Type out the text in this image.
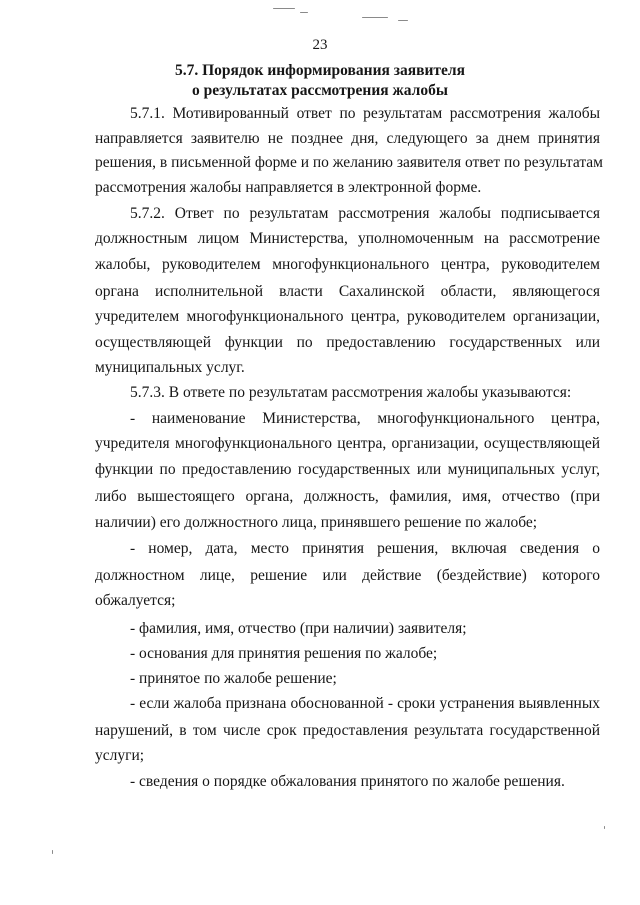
23
5.7. Порядок информирования заявителя
о результатах рассмотрения жалобы
5.7.1. Мотивированный ответ по результатам рассмотрения жалобы
направляется заявителю не позднее дня, следующего за днем принятия
решения, в письменной форме и по желанию заявителя ответ по результатам
рассмотрения жалобы направляется в электронной форме.
5.7.2. Ответ по результатам рассмотрения жалобы подписывается
должностным лицом Министерства, уполномоченным на рассмотрение
жалобы, руководителем многофункционального центра, руководителем
органа исполнительной власти Сахалинской области, являющегося
учредителем многофункционального центра, руководителем организации,
осуществляющей функции по предоставлению государственных или
муниципальных услуг.
5.7.3. В ответе по результатам рассмотрения жалобы указываются:
- наименование Министерства, многофункционального центра,
учредителя многофункционального центра, организации, осуществляющей
функции по предоставлению государственных или муниципальных услуг,
либо вышестоящего органа, должность, фамилия, имя, отчество (при
наличии) его должностного лица, принявшего решение по жалобе;
- номер, дата, место принятия решения, включая сведения о
должностном лице, решение или действие (бездействие) которого
обжалуется;
- фамилия, имя, отчество (при наличии) заявителя;
- основания для принятия решения по жалобе;
- принятое по жалобе решение;
- если жалоба признана обоснованной - сроки устранения выявленных
нарушений, в том числе срок предоставления результата государственной
услуги;
- сведения о порядке обжалования принятого по жалобе решения.
